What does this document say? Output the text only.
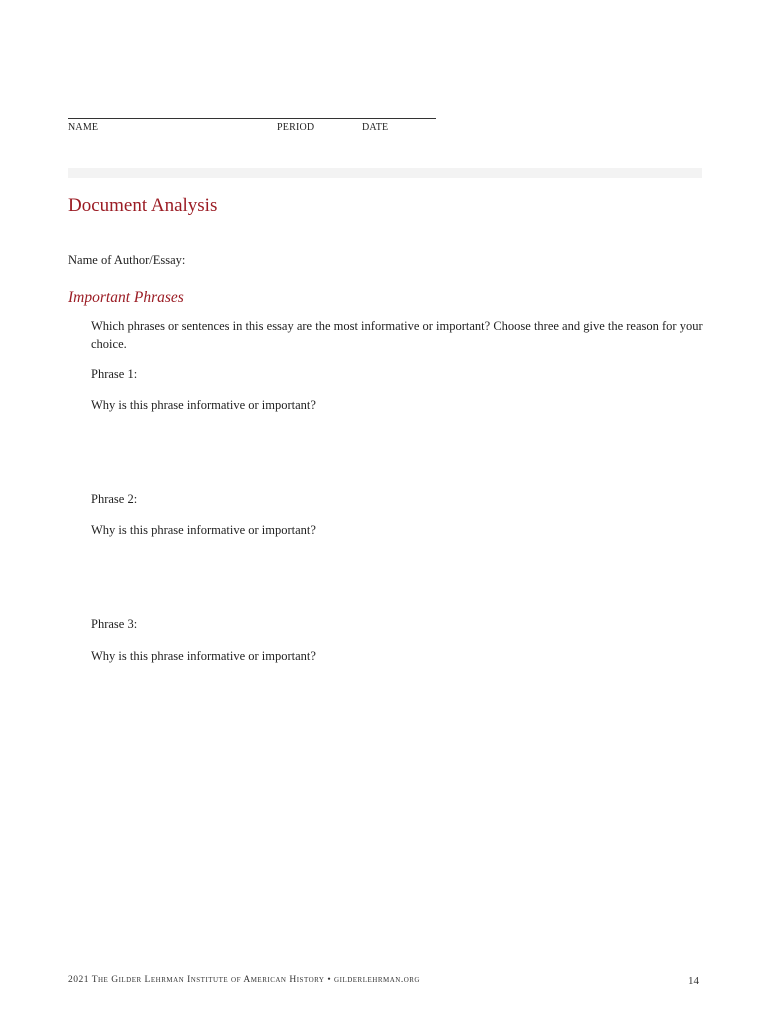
NAME	PERIOD	DATE
Document Analysis
Name of Author/Essay:
Important Phrases
Which phrases or sentences in this essay are the most informative or important? Choose three and give the reason for your choice.
Phrase 1:
Why is this phrase informative or important?
Phrase 2:
Why is this phrase informative or important?
Phrase 3:
Why is this phrase informative or important?
2021 The Gilder Lehrman Institute of American History • gilderlehrman.org	14
